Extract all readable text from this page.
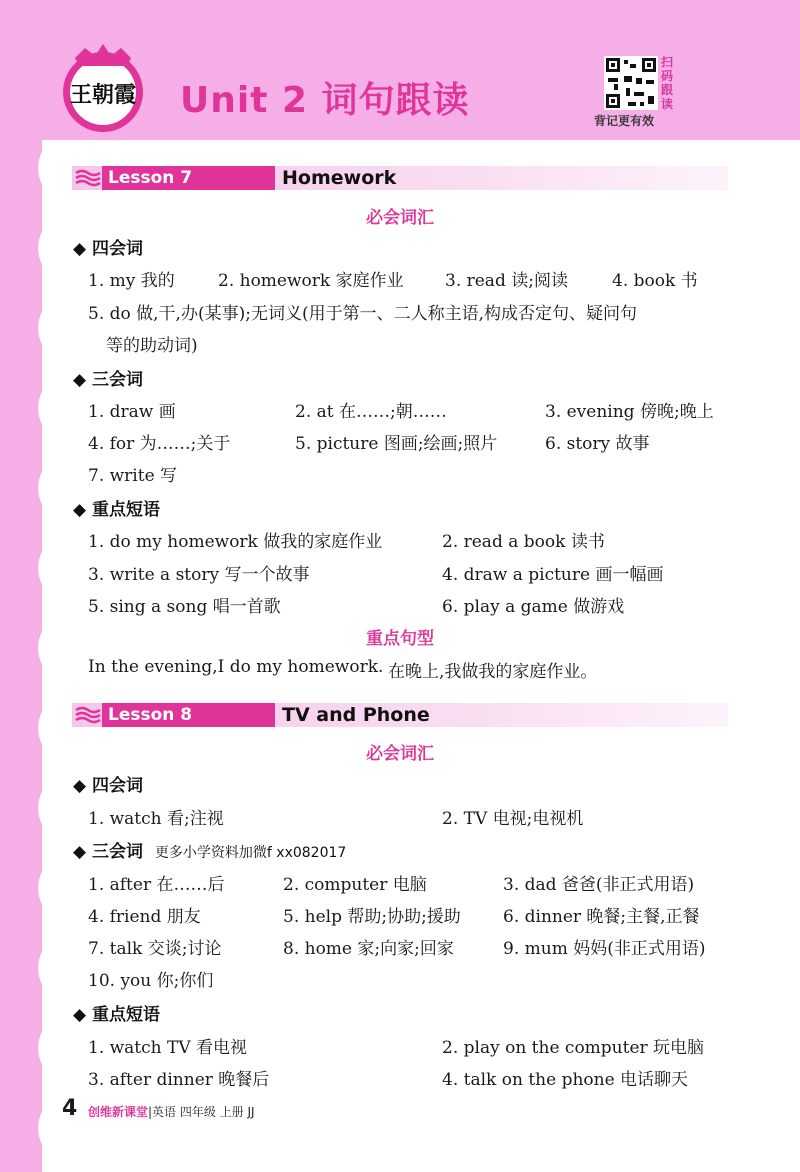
王朝霞 Unit 2 词句跟读
扫码跟读
背记更有效
Lesson 7	Homework
必会词汇
◆ 四会词
1. my 我的	2. homework 家庭作业 3. read 读;阅读	4. book 书
5. do 做,干,办(某事);无词义(用于第一、二人称主语,构成否定句、疑问句
等的助动词)
◆ 三会词
1. draw 画	2. at 在……;朝……	3. evening 傍晚;晚上
4. for 为……;关于	5. picture 图画;绘画;照片	6. story 故事
7. write 写
◆ 重点短语
1. do my homework 做我的家庭作业	2. read a book 读书
3. write a story 写一个故事	4. draw a picture 画一幅画
5. sing a song 唱一首歌	6. play a game 做游戏
重点句型
In the evening,I do my homework. 在晚上,我做我的家庭作业。
Lesson 8	TV and Phone
必会词汇
◆ 四会词
1. watch 看;注视	2. TV 电视;电视机
◆ 三会词 更多小学资料加微f xx082017
1. after 在……后	2. computer 电脑	3. dad 爸爸(非正式用语)
4. friend 朋友	5. help 帮助;协助;援助 6. dinner 晚餐;主餐,正餐
7. talk 交谈;讨论	8. home 家;向家;回家	9. mum 妈妈(非正式用语)
10. you 你;你们
◆ 重点短语
1. watch TV 看电视	2. play on the computer 玩电脑
3. after dinner 晚餐后	4. talk on the phone 电话聊天
4 创维新课堂|英语 四年级 上册 JJ
